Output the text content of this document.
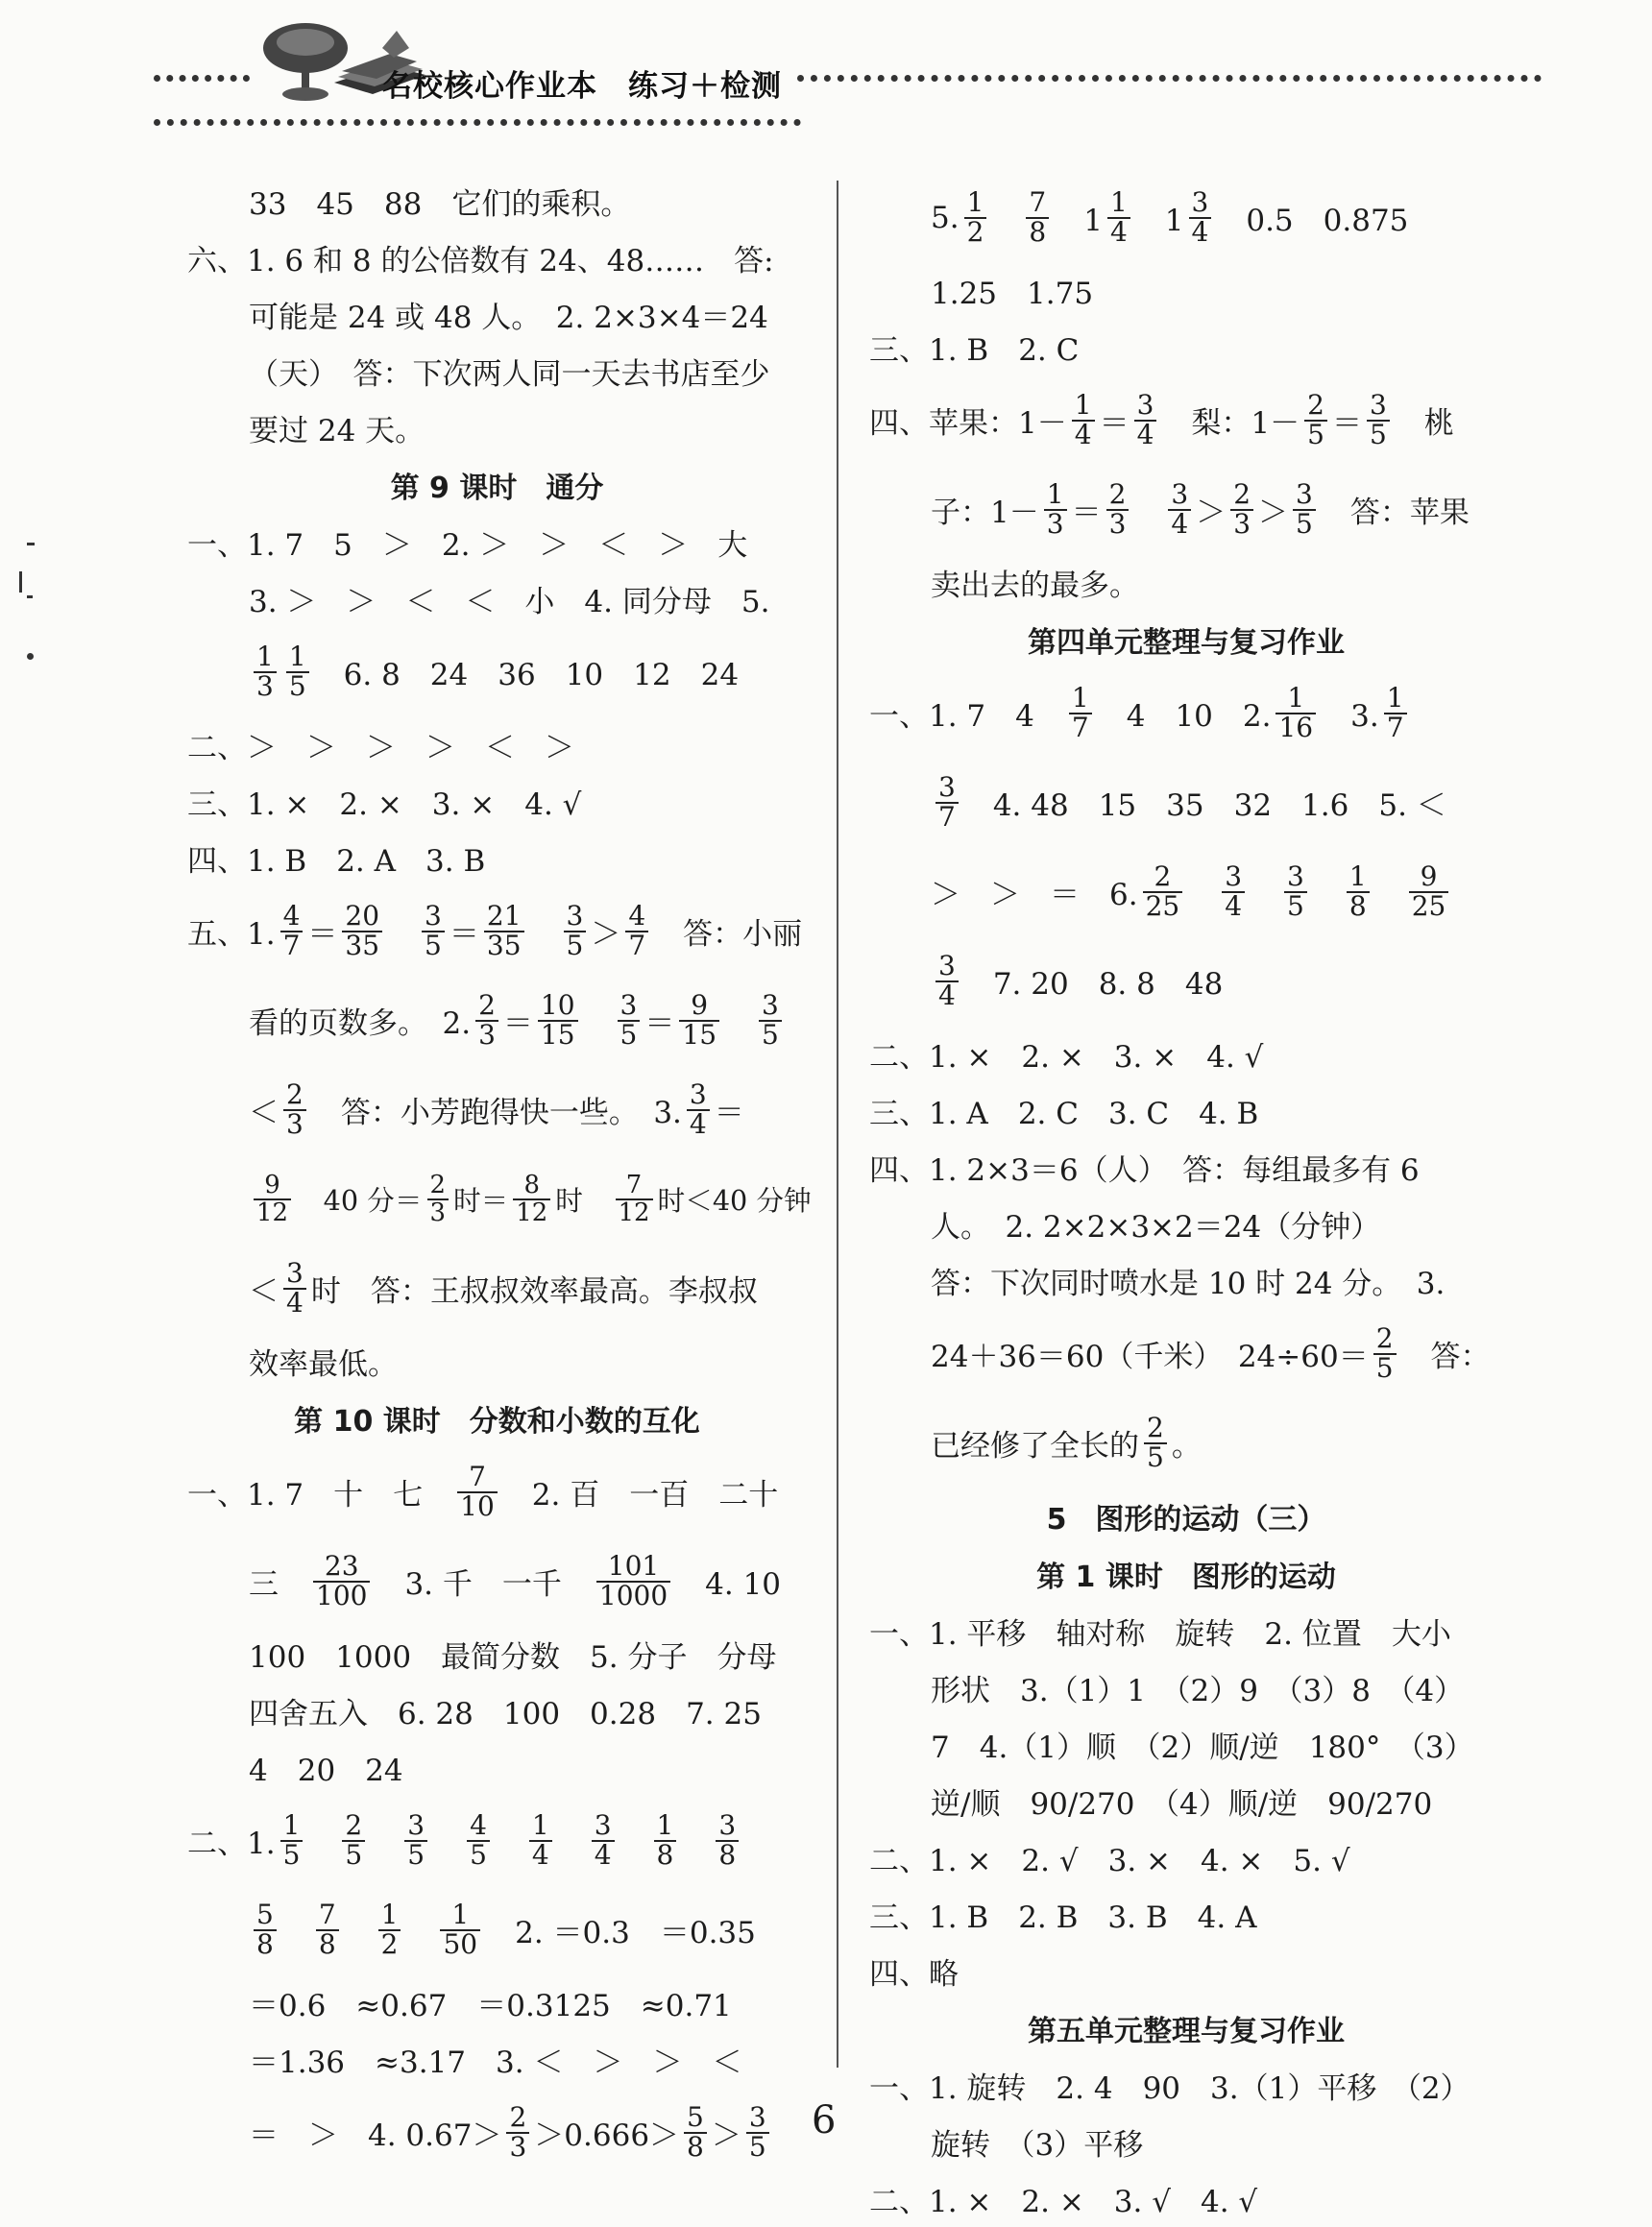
名校核心作业本　练习＋检测
33　45　88　它们的乘积。
六、1. 6 和 8 的公倍数有 24、48……　答:
可能是 24 或 48 人。　2. 2×3×4＝24
（天）　答：下次两人同一天去书店至少
要过 24 天。
第 9 课时　通分
一、1. 7　5　＞　2. ＞　＞　＜　＞　大
3. ＞　＞　＜　＜　小　4. 同分母　5.
$\frac{1}{3} \frac{1}{5}$ 　6. 8　24　36　10　12　24
二、＞　＞　＞　＞　＜　＞
三、1. ×　2. ×　3. ×　4. √
四、1. B　2. A　3. B
五、1. $\frac{4}{7} = \frac{20}{35}$
　 $\frac{3}{5} = \frac{21}{35}$
　 $\frac{3}{5} > \frac{4}{7}$ 　答：小丽
看的页数多。　2. $\frac{2}{3} = \frac{10}{15}$
　 $\frac{3}{5} = \frac{9}{15}$
　 $\frac{3}{5}$
＜ $\frac{2}{3}$ 　答：小芳跑得快一些。　3. $\frac{3}{4}$ ＝
$\frac{9}{12}$ 　40 分＝ $\frac{2}{3}$ 时＝ $\frac{8}{12}$ 时　 $\frac{7}{12}$ 时＜40 分钟
＜ $\frac{3}{4}$ 时　答：王叔叔效率最高。李叔叔
效率最低。
第 10 课时　分数和小数的互化
一、1. 7　十　七　 $\frac{7}{10}$ 　2. 百　一百　二十
三　 $\frac{23}{100}$ 　3. 千　一千　 $\frac{101}{1000}$ 　4. 10
100　1000　最简分数　5. 分子　分母
四舍五入　6. 28　100　0.28　7. 25
4　20　24
二、1. $\frac{1}{5}$
　 $\frac{2}{5}$
　 $\frac{3}{5}$
　 $\frac{4}{5}$
　 $\frac{1}{4}$
　 $\frac{3}{4}$
　 $\frac{1}{8}$
　 $\frac{3}{8}$
$\frac{5}{8}$
　 $\frac{7}{8}$
　 $\frac{1}{2}$
　 $\frac{1}{50}$ 　2. ＝0.3　＝0.35
＝0.6　≈0.67　＝0.3125　≈0.71
＝1.36　≈3.17　3. ＜　＞　＞　＜
＝　＞　4. $0.67> \frac{2}{3} >0.666> \frac{5}{8} > \frac{3}{5}$
5. $\frac{1}{2}$
　 $\frac{7}{8}$ 　$1 \frac{1}{4}$ 　$1 \frac{3}{4}$ 　0.5　0.875
1.25　1.75
三、1. B　2. C
四、苹果：$1- \frac{1}{4} = \frac{3}{4}$ 　梨：$1- \frac{2}{5} = \frac{3}{5}$ 　桃
子：$1- \frac{1}{3} = \frac{2}{3}$
　 $\frac{3}{4} > \frac{2}{3} > \frac{3}{5}$ 　答：苹果
卖出去的最多。
第四单元整理与复习作业
一、1. 7　4　 $\frac{1}{7}$ 　4　10　2. $\frac{1}{16}$ 　3. $\frac{1}{7}$
$\frac{3}{7}$ 　4. 48　15　35　32　1.6　5. ＜
＞　＞　＝　6. $\frac{2}{25}$
　 $\frac{3}{4}$
　 $\frac{3}{5}$
　 $\frac{1}{8}$
　 $\frac{9}{25}$
$\frac{3}{4}$ 　7. 20　8. 8　48
二、1. ×　2. ×　3. ×　4. √
三、1. A　2. C　3. C　4. B
四、1. 2×3＝6（人）　答：每组最多有 6
人。　2. 2×2×3×2＝24（分钟）
答：下次同时喷水是 10 时 24 分。　3.
24＋36＝60（千米）　$24\div 60= \frac{2}{5}$ 　答：
已经修了全长的 $\frac{2}{5}$ 。
5　图形的运动（三）
第 1 课时　图形的运动
一、1. 平移　轴对称　旋转　2. 位置　大小
形状　3.（1）1　（2）9　（3）8　（4）
7　4.（1）顺　（2）顺/逆　180°　（3）
逆/顺　90/270　（4）顺/逆　90/270
二、1. ×　2. √　3. ×　4. ×　5. √
三、1. B　2. B　3. B　4. A
四、略
第五单元整理与复习作业
一、1. 旋转　2. 4　90　3.（1）平移　（2）
旋转　（3）平移
二、1. ×　2. ×　3. √　4. √
6
